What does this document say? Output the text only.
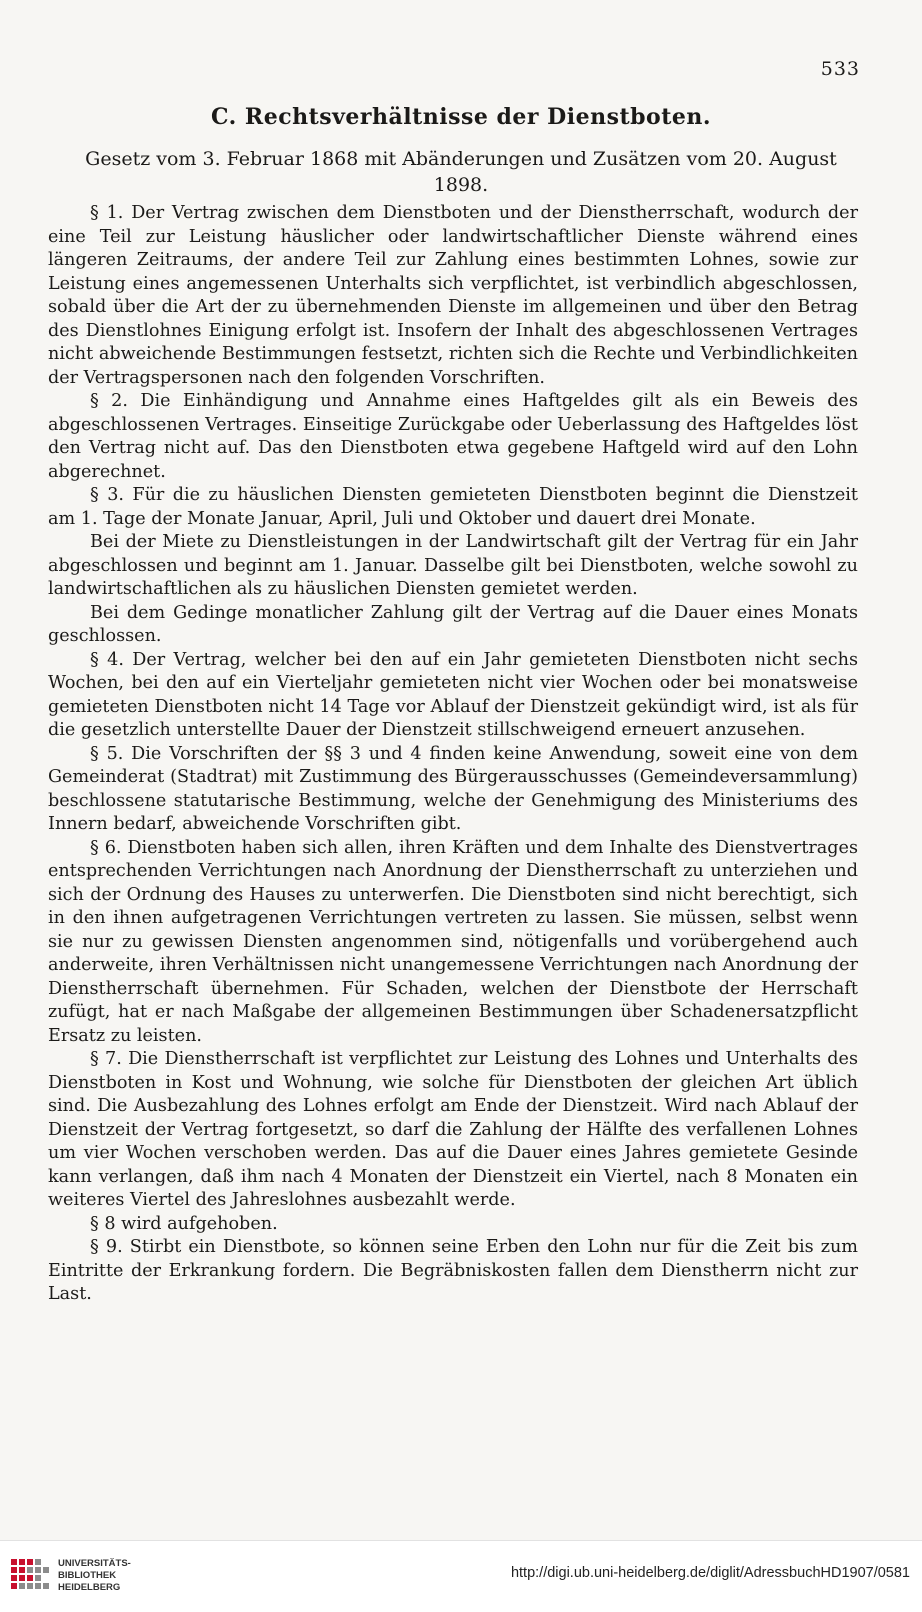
533
C. Rechtsverhältnisse der Dienstboten.
Gesetz vom 3. Februar 1868 mit Abänderungen und Zusätzen vom 20. August 1898.

§ 1. Der Vertrag zwischen dem Dienstboten und der Dienstherrschaft, wodurch der eine Teil zur Leistung häuslicher oder landwirtschaftlicher Dienste während eines längeren Zeitraums, der andere Teil zur Zahlung eines bestimmten Lohnes, sowie zur Leistung eines angemessenen Unterhalts sich verpflichtet, ist verbindlich abgeschlossen, sobald über die Art der zu übernehmenden Dienste im allgemeinen und über den Betrag des Dienstlohnes Einigung erfolgt ist. Insofern der Inhalt des abgeschlossenen Vertrages nicht abweichende Bestimmungen festsetzt, richten sich die Rechte und Verbindlichkeiten der Vertragspersonen nach den folgenden Vorschriften.

§ 2. Die Einhändigung und Annahme eines Haftgeldes gilt als ein Beweis des abgeschlossenen Vertrages. Einseitige Zurückgabe oder Ueberlassung des Haftgeldes löst den Vertrag nicht auf. Das den Dienstboten etwa gegebene Haftgeld wird auf den Lohn abgerechnet.

§ 3. Für die zu häuslichen Diensten gemieteten Dienstboten beginnt die Dienstzeit am 1. Tage der Monate Januar, April, Juli und Oktober und dauert drei Monate.

Bei der Miete zu Dienstleistungen in der Landwirtschaft gilt der Vertrag für ein Jahr abgeschlossen und beginnt am 1. Januar. Dasselbe gilt bei Dienstboten, welche sowohl zu landwirtschaftlichen als zu häuslichen Diensten gemietet werden.

Bei dem Gedinge monatlicher Zahlung gilt der Vertrag auf die Dauer eines Monats geschlossen.

§ 4. Der Vertrag, welcher bei den auf ein Jahr gemieteten Dienstboten nicht sechs Wochen, bei den auf ein Vierteljahr gemieteten nicht vier Wochen oder bei monatsweise gemieteten Dienstboten nicht 14 Tage vor Ablauf der Dienstzeit gekündigt wird, ist als für die gesetzlich unterstellte Dauer der Dienstzeit stillschweigend erneuert anzusehen.

§ 5. Die Vorschriften der §§ 3 und 4 finden keine Anwendung, soweit eine von dem Gemeinderat (Stadtrat) mit Zustimmung des Bürgerausschusses (Gemeindeversammlung) beschlossene statutarische Bestimmung, welche der Genehmigung des Ministeriums des Innern bedarf, abweichende Vorschriften gibt.

§ 6. Dienstboten haben sich allen, ihren Kräften und dem Inhalte des Dienstvertrages entsprechenden Verrichtungen nach Anordnung der Dienstherrschaft zu unterziehen und sich der Ordnung des Hauses zu unterwerfen. Die Dienstboten sind nicht berechtigt, sich in den ihnen aufgetragenen Verrichtungen vertreten zu lassen. Sie müssen, selbst wenn sie nur zu gewissen Diensten angenommen sind, nötigenfalls und vorübergehend auch anderweite, ihren Verhältnissen nicht unangemessene Verrichtungen nach Anordnung der Dienstherrschaft übernehmen. Für Schaden, welchen der Dienstbote der Herrschaft zufügt, hat er nach Maßgabe der allgemeinen Bestimmungen über Schadenersatzpflicht Ersatz zu leisten.

§ 7. Die Dienstherrschaft ist verpflichtet zur Leistung des Lohnes und Unterhalts des Dienstboten in Kost und Wohnung, wie solche für Dienstboten der gleichen Art üblich sind. Die Ausbezahlung des Lohnes erfolgt am Ende der Dienstzeit. Wird nach Ablauf der Dienstzeit der Vertrag fortgesetzt, so darf die Zahlung der Hälfte des verfallenen Lohnes um vier Wochen verschoben werden. Das auf die Dauer eines Jahres gemietete Gesinde kann verlangen, daß ihm nach 4 Monaten der Dienstzeit ein Viertel, nach 8 Monaten ein weiteres Viertel des Jahreslohnes ausbezahlt werde.

§ 8 wird aufgehoben.

§ 9. Stirbt ein Dienstbote, so können seine Erben den Lohn nur für die Zeit bis zum Eintritte der Erkrankung fordern. Die Begräbniskosten fallen dem Dienstherrn nicht zur Last.

UNIVERSITÄTS-
BIBLIOTHEK
HEIDELBERG
http://digi.ub.uni-heidelberg.de/diglit/AdressbuchHD1907/0581
